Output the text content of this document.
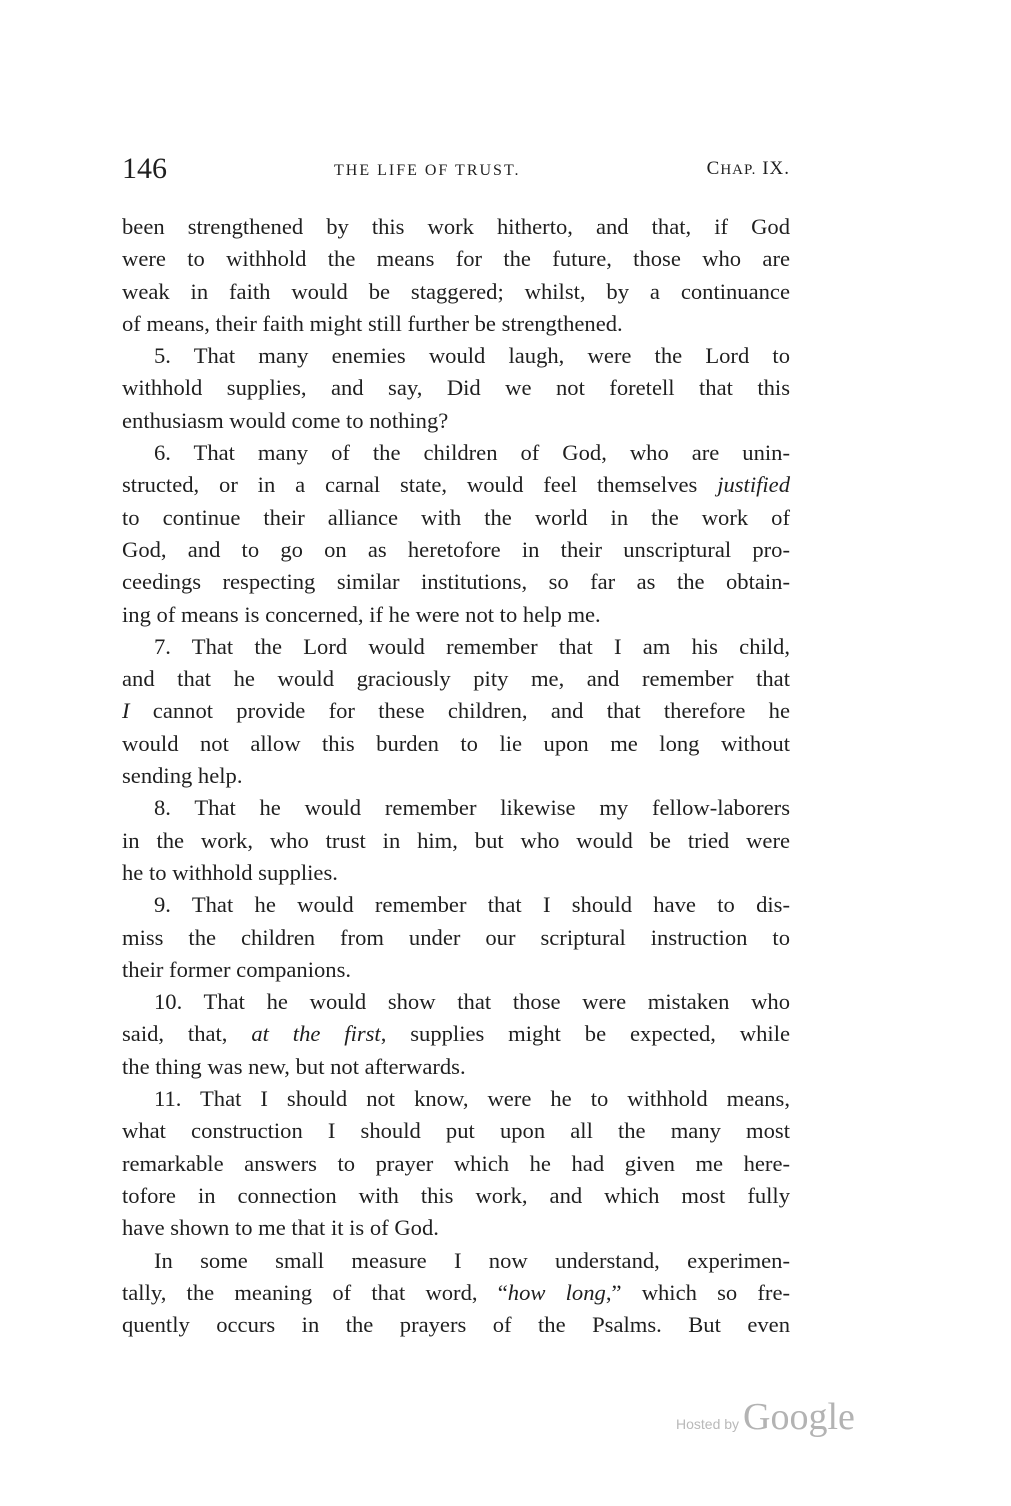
146	THE LIFE OF TRUST.	CHAP. IX.
been strengthened by this work hitherto, and that, if God
were to withhold the means for the future, those who are
weak in faith would be staggered; whilst, by a continuance
of means, their faith might still further be strengthened.
5. That many enemies would laugh, were the Lord to
withhold supplies, and say, Did we not foretell that this
enthusiasm would come to nothing?
6. That many of the children of God, who are unin-
structed, or in a carnal state, would feel themselves justified
to continue their alliance with the world in the work of
God, and to go on as heretofore in their unscriptural pro-
ceedings respecting similar institutions, so far as the obtain-
ing of means is concerned, if he were not to help me.
7. That the Lord would remember that I am his child,
and that he would graciously pity me, and remember that
I cannot provide for these children, and that therefore he
would not allow this burden to lie upon me long without
sending help.
8. That he would remember likewise my fellow-laborers
in the work, who trust in him, but who would be tried were
he to withhold supplies.
9. That he would remember that I should have to dis-
miss the children from under our scriptural instruction to
their former companions.
10. That he would show that those were mistaken who
said, that, at the first, supplies might be expected, while
the thing was new, but not afterwards.
11. That I should not know, were he to withhold means,
what construction I should put upon all the many most
remarkable answers to prayer which he had given me here-
tofore in connection with this work, and which most fully
have shown to me that it is of God.
In some small measure I now understand, experimen-
tally, the meaning of that word, “how long,” which so fre-
quently occurs in the prayers of the Psalms. But even
Hosted by Google
